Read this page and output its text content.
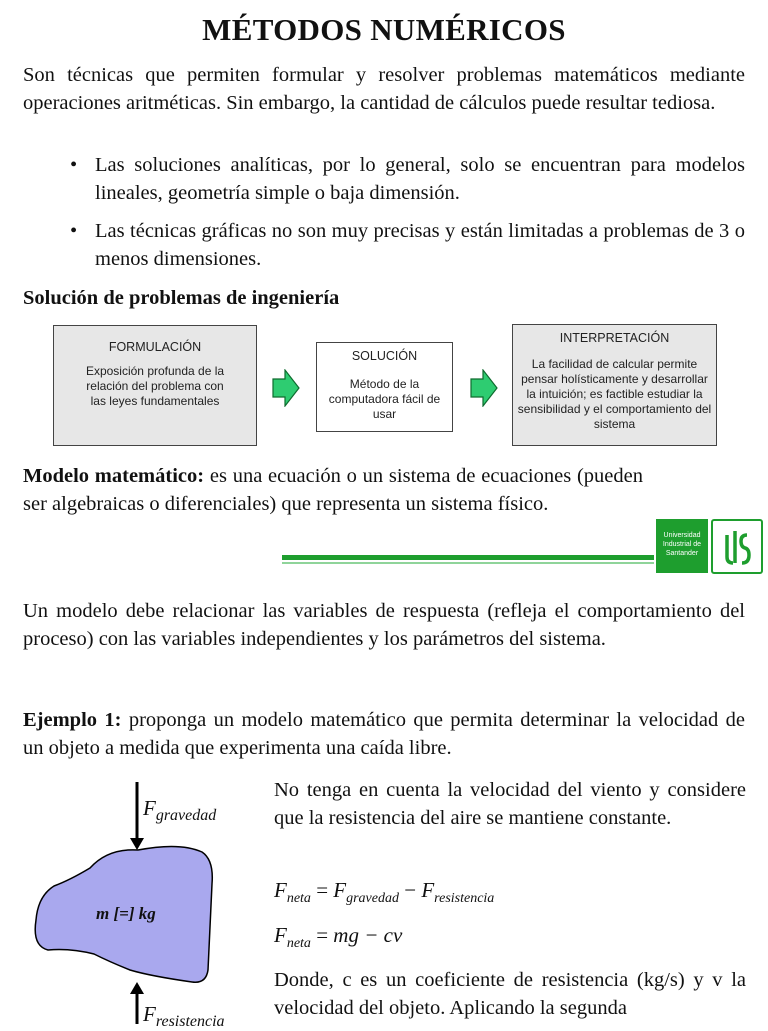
MÉTODOS NUMÉRICOS
Son técnicas que permiten formular y resolver problemas matemáticos mediante operaciones aritméticas. Sin embargo, la cantidad de cálculos puede resultar tediosa.
• Las soluciones analíticas, por lo general, solo se encuentran para modelos lineales, geometría simple o baja dimensión.
• Las técnicas gráficas no son muy precisas y están limitadas a problemas de 3 o menos dimensiones.
Solución de problemas de ingeniería
FORMULACIÓN
Exposición profunda de la relación del problema con las leyes fundamentales
SOLUCIÓN
Método de la computadora fácil de usar
INTERPRETACIÓN
La facilidad de calcular permite pensar holísticamente y desarrollar la intuición; es factible estudiar la sensibilidad y el comportamiento del sistema
Modelo matemático: es una ecuación o un sistema de ecuaciones (pueden ser algebraicas o diferenciales) que representa un sistema físico.
Universidad
Industrial de
Santander
Un modelo debe relacionar las variables de respuesta (refleja el comportamiento del proceso) con las variables independientes y los parámetros del sistema.
Ejemplo 1: proponga un modelo matemático que permita determinar la velocidad de un objeto a medida que experimenta una caída libre.
$F_{gravedad}$
m [=] kg
$F_{resistencia}$
No tenga en cuenta la velocidad del viento y considere que la resistencia del aire se mantiene constante.
$F_{neta} = F_{gravedad} - F_{resistencia}$
$F_{neta}$ = mg − cv
Donde, c es un coeficiente de resistencia (kg/s) y v la velocidad del objeto. Aplicando la segunda
